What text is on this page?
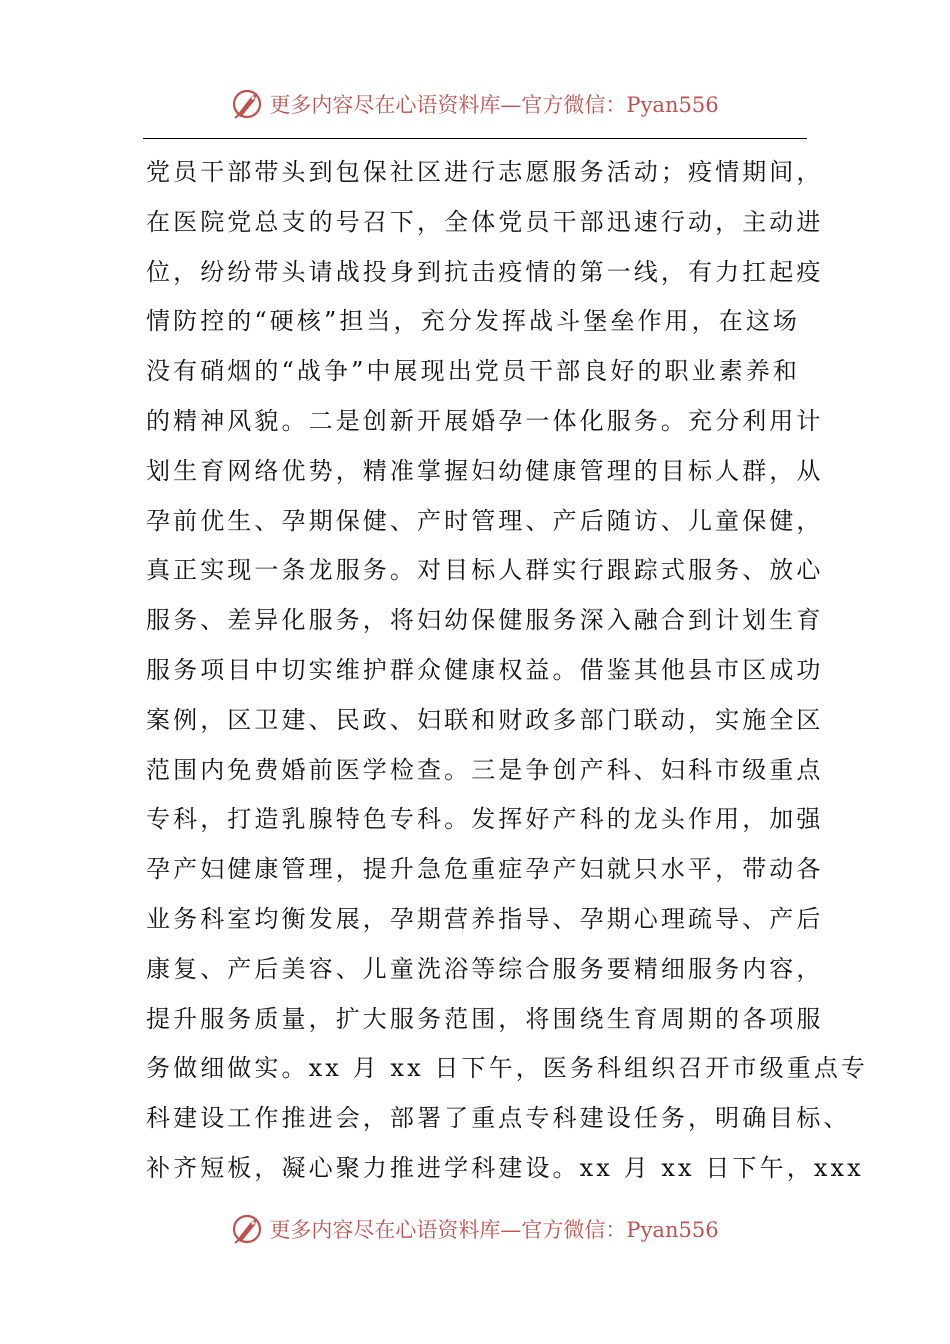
更多内容尽在心语资料库—官方微信：Pyan556
党员干部带头到包保社区进行志愿服务活动；疫情期间，
在医院党总支的号召下，全体党员干部迅速行动，主动进
位，纷纷带头请战投身到抗击疫情的第一线，有力扛起疫
情防控的“硬核”担当，充分发挥战斗堡垒作用，在这场
没有硝烟的“战争”中展现出党员干部良好的职业素养和
的精神风貌。二是创新开展婚孕一体化服务。充分利用计
划生育网络优势，精准掌握妇幼健康管理的目标人群，从
孕前优生、孕期保健、产时管理、产后随访、儿童保健，
真正实现一条龙服务。对目标人群实行跟踪式服务、放心
服务、差异化服务，将妇幼保健服务深入融合到计划生育
服务项目中切实维护群众健康权益。借鉴其他县市区成功
案例，区卫建、民政、妇联和财政多部门联动，实施全区
范围内免费婚前医学检查。三是争创产科、妇科市级重点
专科，打造乳腺特色专科。发挥好产科的龙头作用，加强
孕产妇健康管理，提升急危重症孕产妇就只水平，带动各
业务科室均衡发展，孕期营养指导、孕期心理疏导、产后
康复、产后美容、儿童洗浴等综合服务要精细服务内容，
提升服务质量，扩大服务范围，将围绕生育周期的各项服
务做细做实。xx 月 xx 日下午，医务科组织召开市级重点专
科建设工作推进会，部署了重点专科建设任务，明确目标、
补齐短板，凝心聚力推进学科建设。xx 月 xx 日下午，xxx
更多内容尽在心语资料库—官方微信：Pyan556
